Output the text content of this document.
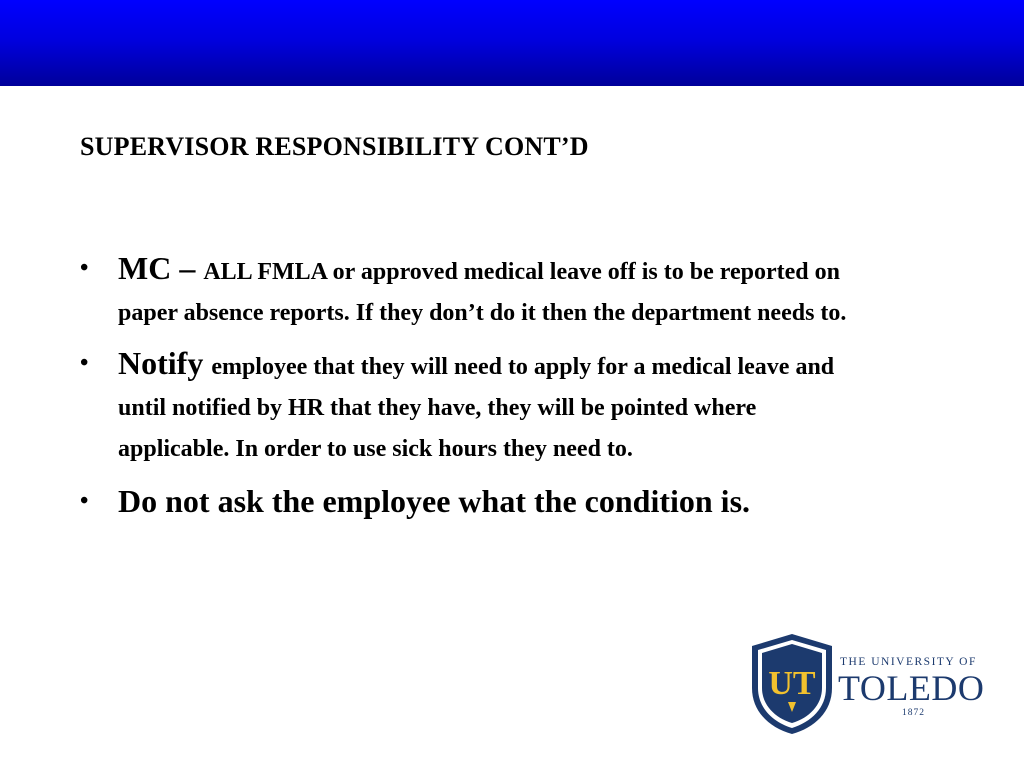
SUPERVISOR RESPONSIBILITY CONT’D
• MC – ALL FMLA or approved medical leave off is to be reported on paper absence reports. If they don’t do it then the department needs to.
• Notify employee that they will need to apply for a medical leave and until notified by HR that they have, they will be pointed where applicable. In order to use sick hours they need to.
• Do not ask the employee what the condition is.
UT
THE UNIVERSITY OF
TOLEDO
1872
